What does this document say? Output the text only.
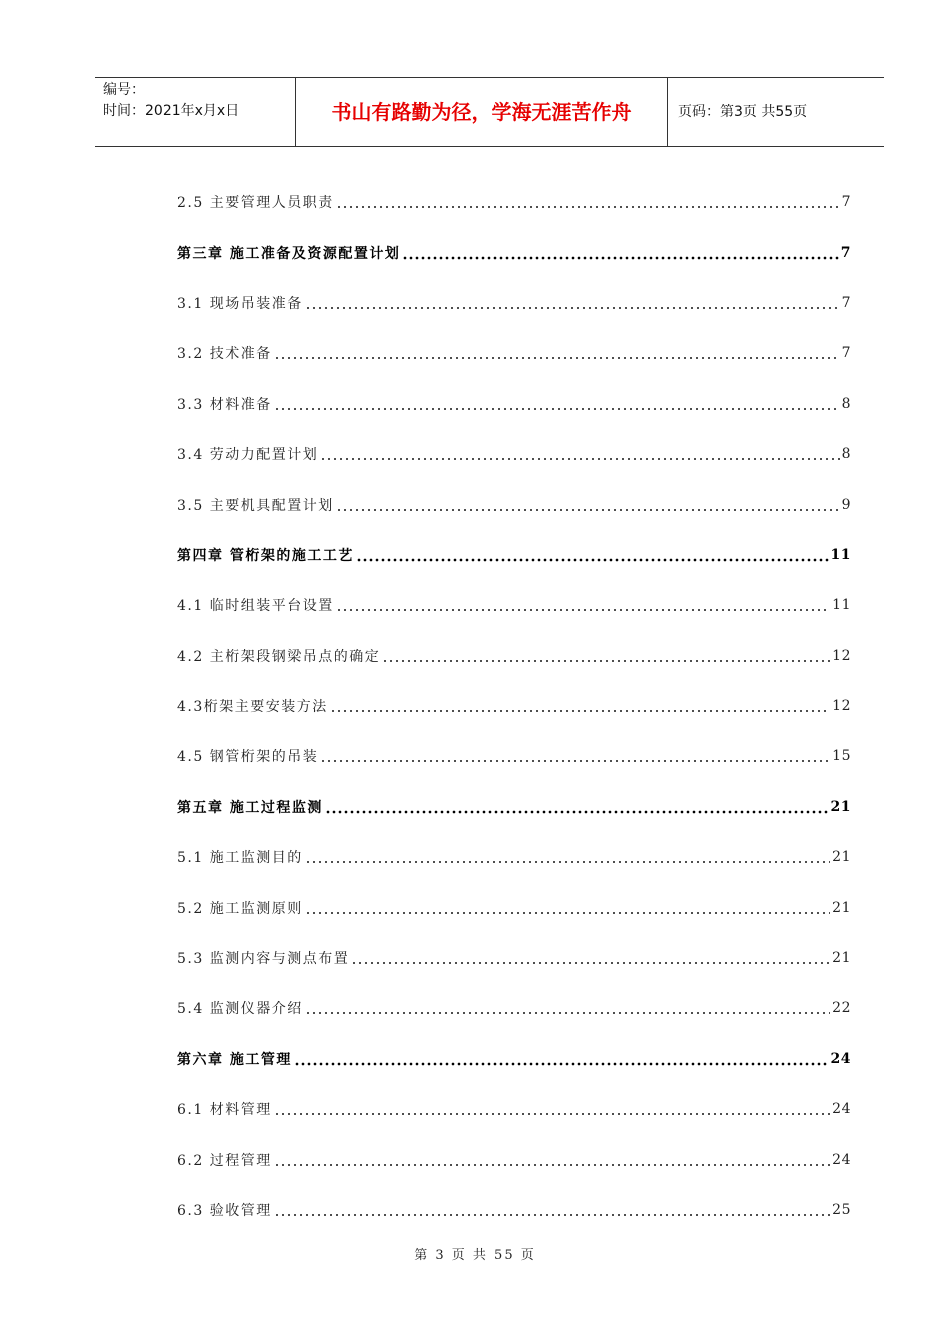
编号：
时间：2021年x月x日	书山有路勤为径，学海无涯苦作舟	页码：第3页 共55页
2.5 主要管理人员职责	7
第三章 施工准备及资源配置计划	7
3.1 现场吊装准备	7
3.2 技术准备	7
3.3 材料准备	8
3.4 劳动力配置计划	8
3.5 主要机具配置计划	9
第四章 管桁架的施工工艺	11
4.1 临时组装平台设置	11
4.2 主桁架段钢梁吊点的确定	12
4.3桁架主要安装方法	12
4.5 钢管桁架的吊装	15
第五章 施工过程监测	21
5.1 施工监测目的	21
5.2 施工监测原则	21
5.3 监测内容与测点布置	21
5.4 监测仪器介绍	22
第六章 施工管理	24
6.1 材料管理	24
6.2 过程管理	24
6.3 验收管理	25
第 3 页 共 55 页
